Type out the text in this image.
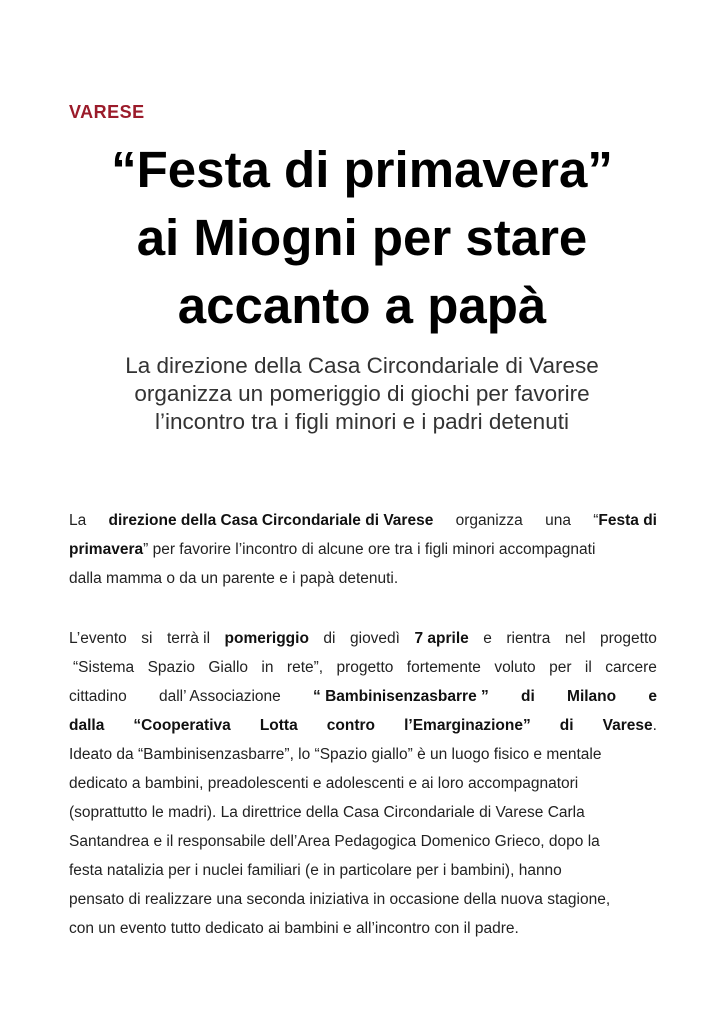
VARESE
“Festa di primavera”
ai Miogni per stare
accanto a papà
La direzione della Casa Circondariale di Varese
organizza un pomeriggio di giochi per favorire
l’incontro tra i figli minori e i padri detenuti
La direzione della Casa Circondariale di Varese organizza una “Festa di
primavera” per favorire l’incontro di alcune ore tra i figli minori accompagnati
dalla mamma o da un parente e i papà detenuti.
L’evento si terrà il pomeriggio di giovedì 7 aprile e rientra nel progetto
“Sistema Spazio Giallo in rete”, progetto fortemente voluto per il carcere
cittadino dall’ Associazione “ Bambinisenzasbarre ” di Milano e
dalla “Cooperativa Lotta contro l’Emarginazione” di Varese.
Ideato da “Bambinisenzasbarre”, lo “Spazio giallo” è un luogo fisico e mentale
dedicato a bambini, preadolescenti e adolescenti e ai loro accompagnatori
(soprattutto le madri). La direttrice della Casa Circondariale di Varese Carla
Santandrea e il responsabile dell’Area Pedagogica Domenico Grieco, dopo la
festa natalizia per i nuclei familiari (e in particolare per i bambini), hanno
pensato di realizzare una seconda iniziativa in occasione della nuova stagione,
con un evento tutto dedicato ai bambini e all’incontro con il padre.
